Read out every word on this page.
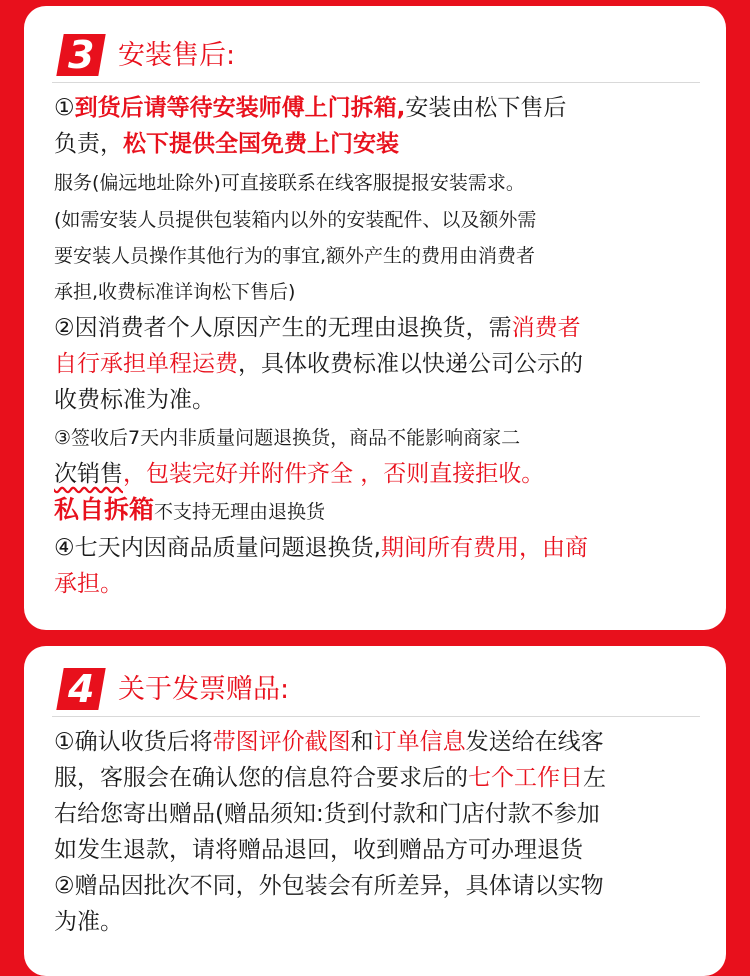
3 安装售后:
①到货后请等待安装师傅上门拆箱,安装由松下售后
负责，松下提供全国免费上门安装
服务(偏远地址除外)可直接联系在线客服提报安装需求。
(如需安装人员提供包装箱内以外的安装配件、以及额外需
要安装人员操作其他行为的事宜,额外产生的费用由消费者
承担,收费标准详询松下售后)
②因消费者个人原因产生的无理由退换货，需消费者
自行承担单程运费，具体收费标准以快递公司公示的
收费标准为准。
③签收后7天内非质量问题退换货，商品不能影响商家二
次销售，包装完好并附件齐全 ，否则直接拒收。
私自拆箱不支持无理由退换货
④七天内因商品质量问题退换货,期间所有费用，由商
承担。
4 关于发票赠品:
①确认收货后将带图评价截图和订单信息发送给在线客
服，客服会在确认您的信息符合要求后的七个工作日左
右给您寄出赠品(赠品须知:货到付款和门店付款不参加
如发生退款，请将赠品退回，收到赠品方可办理退货
②赠品因批次不同，外包装会有所差异，具体请以实物
为准。
